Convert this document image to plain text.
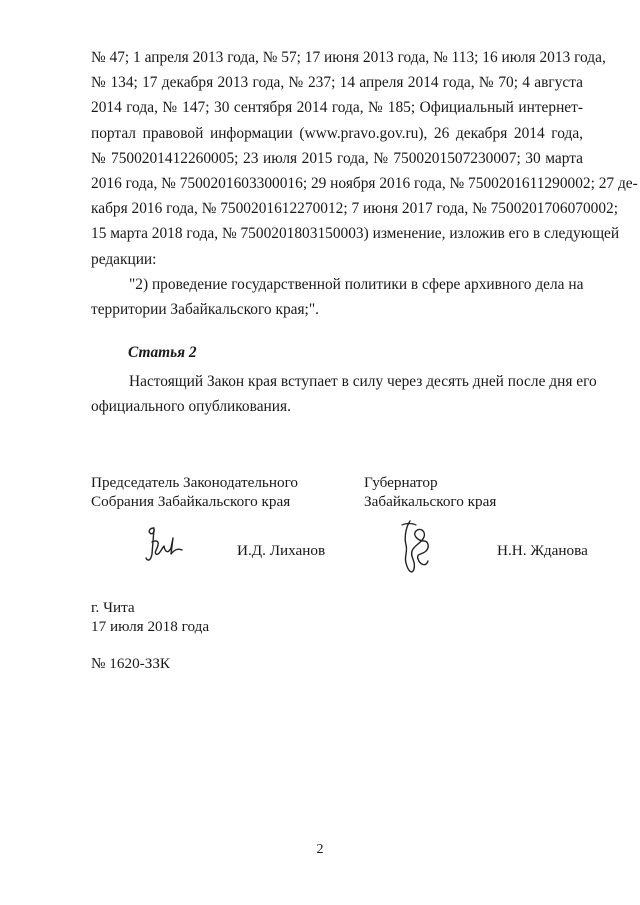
№ 47; 1 апреля 2013 года, № 57; 17 июня 2013 года, № 113; 16 июля 2013 года,
№ 134; 17 декабря 2013 года, № 237; 14 апреля 2014 года, № 70; 4 августа
2014 года, № 147; 30 сентября 2014 года, № 185; Официальный интернет-
портал правовой информации (www.pravo.gov.ru), 26 декабря 2014 года,
№ 7500201412260005; 23 июля 2015 года, № 7500201507230007; 30 марта
2016 года, № 7500201603300016; 29 ноября 2016 года, № 7500201611290002; 27 де-
кабря 2016 года, № 7500201612270012; 7 июня 2017 года, № 7500201706070002;
15 марта 2018 года, № 7500201803150003) изменение, изложив его в следующей
редакции:
"2) проведение государственной политики в сфере архивного дела на
территории Забайкальского края;".
Статья 2
Настоящий Закон края вступает в силу через десять дней после дня его
официального опубликования.
Председатель Законодательного
Собрания Забайкальского края
Губернатор
Забайкальского края
И.Д. Лиханов	Н.Н. Жданова
г. Чита
17 июля 2018 года
№ 1620-ЗЗК
2
